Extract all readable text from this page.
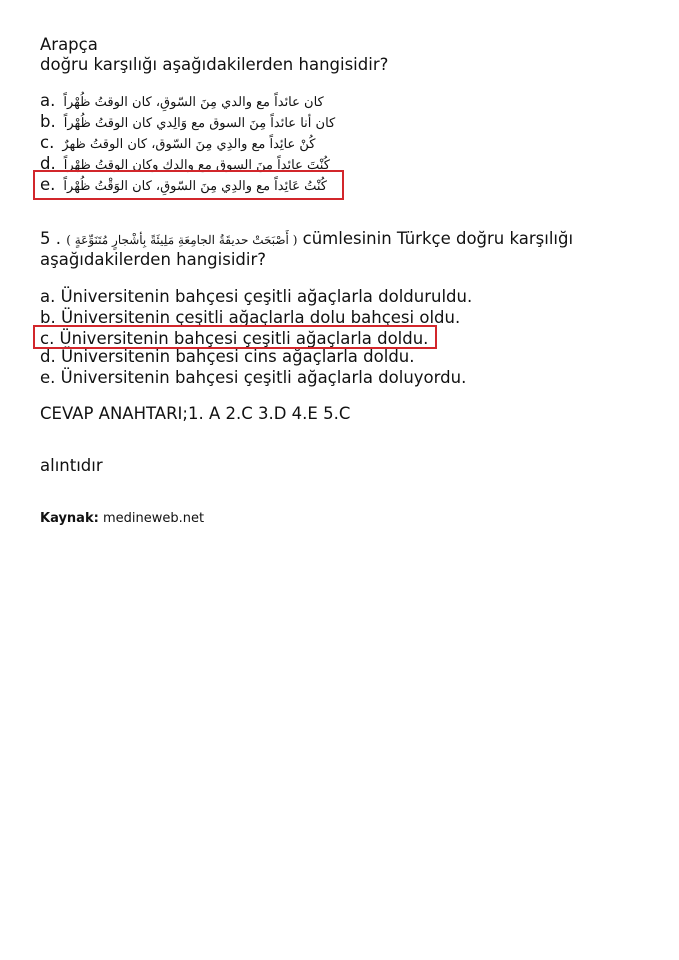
Arapça
doğru karşılığı aşağıdakilerden hangisidir?
a. كان عائداً مع والدي مِنَ السّوقِ، كان الوقتُ ظُهْراً
b. كان أنا عائداً مِنَ السوق مع وَالِدي كان الوقتُ ظُهْراً
c. كُنْ عائِداً مع والدِي مِنَ السّوق، كان الوقتُ ظهرٌ
d. كُنْتَ عائِداً مِنَ السوق مع والدك وكان الوقتُ ظهْراً
e. كُنْتُ عَائِداً مع والدِي مِنَ السّوقِ، كان الوَقْتُ ظُهْراً
5 . ( أَصْبَحَتْ حديقَةُ الجامِعَةِ مَلِيئَةً بِأشْجارٍ مُتَنَوِّعَةٍ ) cümlesinin Türkçe doğru karşılığı
aşağıdakilerden hangisidir?
a. Üniversitenin bahçesi çeşitli ağaçlarla dolduruldu.
b. Üniversitenin çeşitli ağaçlarla dolu bahçesi oldu.
c. Üniversitenin bahçesi çeşitli ağaçlarla doldu.
d. Üniversitenin bahçesi cins ağaçlarla doldu.
e. Üniversitenin bahçesi çeşitli ağaçlarla doluyordu.
CEVAP ANAHTARI;1. A 2.C 3.D 4.E 5.C
alıntıdır
Kaynak: medineweb.net
